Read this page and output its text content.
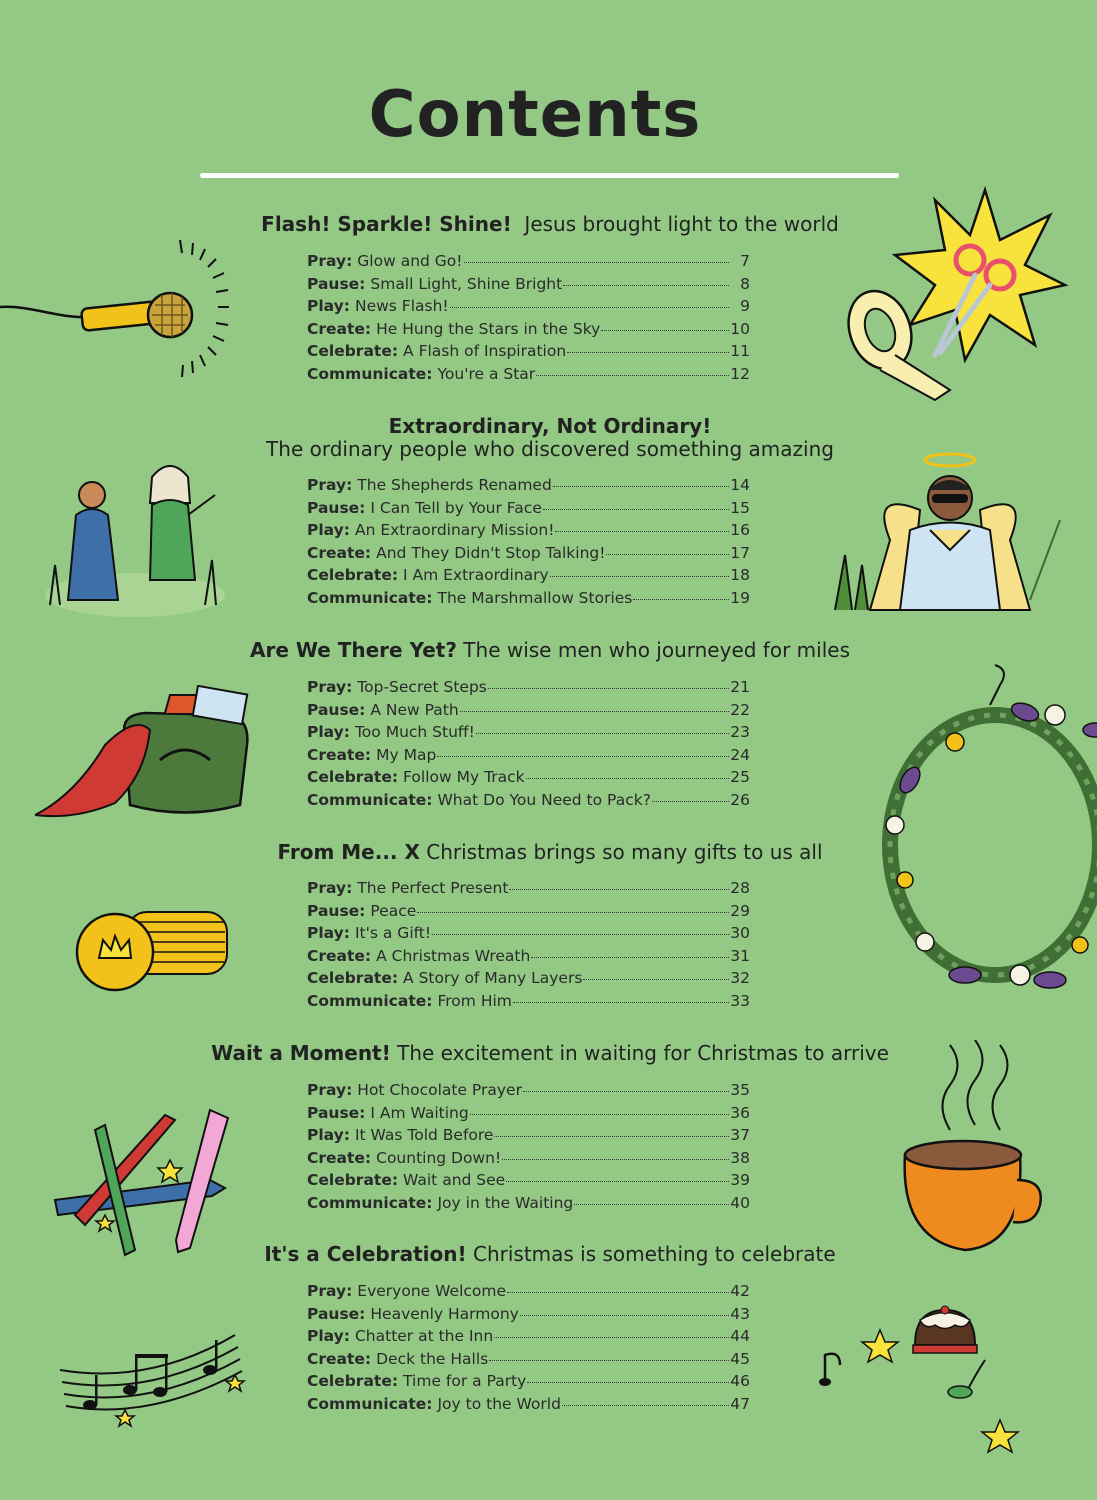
Contents
Flash! Sparkle! Shine! Jesus brought light to the world
Pray: Glow and Go!	7
Pause: Small Light, Shine Bright	8
Play: News Flash!	9
Create: He Hung the Stars in the Sky	10
Celebrate: A Flash of Inspiration	11
Communicate: You're a Star	12
Extraordinary, Not Ordinary!
The ordinary people who discovered something amazing
Pray: The Shepherds Renamed	14
Pause: I Can Tell by Your Face	15
Play: An Extraordinary Mission!	16
Create: And They Didn't Stop Talking!	17
Celebrate: I Am Extraordinary	18
Communicate: The Marshmallow Stories	19
Are We There Yet? The wise men who journeyed for miles
Pray: Top-Secret Steps	21
Pause: A New Path	22
Play: Too Much Stuff!	23
Create: My Map	24
Celebrate: Follow My Track	25
Communicate: What Do You Need to Pack?	26
From Me... X Christmas brings so many gifts to us all
Pray: The Perfect Present	28
Pause: Peace	29
Play: It's a Gift!	30
Create: A Christmas Wreath	31
Celebrate: A Story of Many Layers	32
Communicate: From Him	33
Wait a Moment! The excitement in waiting for Christmas to arrive
Pray: Hot Chocolate Prayer	35
Pause: I Am Waiting	36
Play: It Was Told Before	37
Create: Counting Down!	38
Celebrate: Wait and See	39
Communicate: Joy in the Waiting	40
It's a Celebration! Christmas is something to celebrate
Pray: Everyone Welcome	42
Pause: Heavenly Harmony	43
Play: Chatter at the Inn	44
Create: Deck the Halls	45
Celebrate: Time for a Party	46
Communicate: Joy to the World	47
